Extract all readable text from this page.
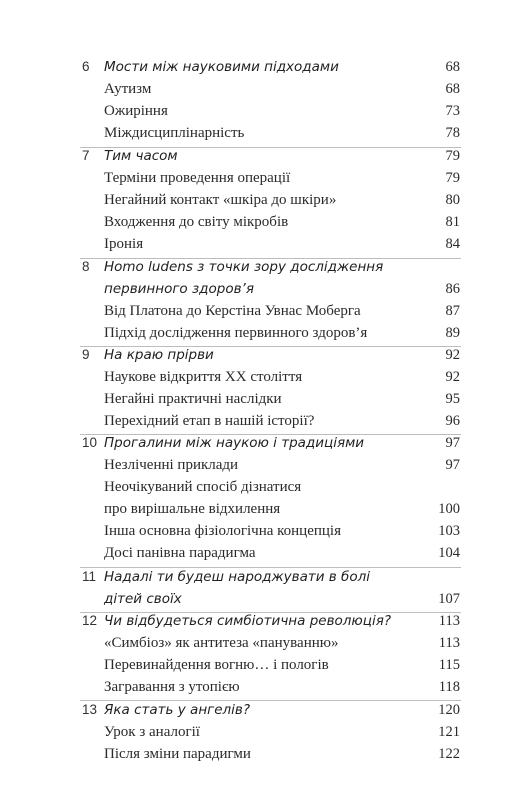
6	Мости між науковими підходами	68
Аутизм	68
Ожиріння	73
Міждисциплінарність	78
7	Тим часом	79
Терміни проведення операції	79
Негайний контакт «шкіра до шкіри»	80
Входження до світу мікробів	81
Іронія	84
8	Homo ludens з точки зору дослідження
первинного здоров’я	86
Від Платона до Керстіна Увнас Моберга	87
Підхід дослідження первинного здоров’я	89
9	На краю прірви	92
Наукове відкриття XX століття	92
Негайні практичні наслідки	95
Перехідний етап в нашій історії?	96
10 Прогалини між наукою і традиціями	97
Незліченні приклади	97
Неочікуваний спосіб дізнатися
про вирішальне відхилення	100
Інша основна фізіологічна концепція	103
Досі панівна парадигма	104
11 Надалі ти будеш народжувати в болі
дітей своїх	107
12 Чи відбудеться симбіотична революція?	113
«Симбіоз» як антитеза «пануванню»	113
Перевинайдення вогню… і пологів	115
Загравання з утопією	118
13 Яка стать у ангелів?	120
Урок з аналогії	121
Після зміни парадигми	122
